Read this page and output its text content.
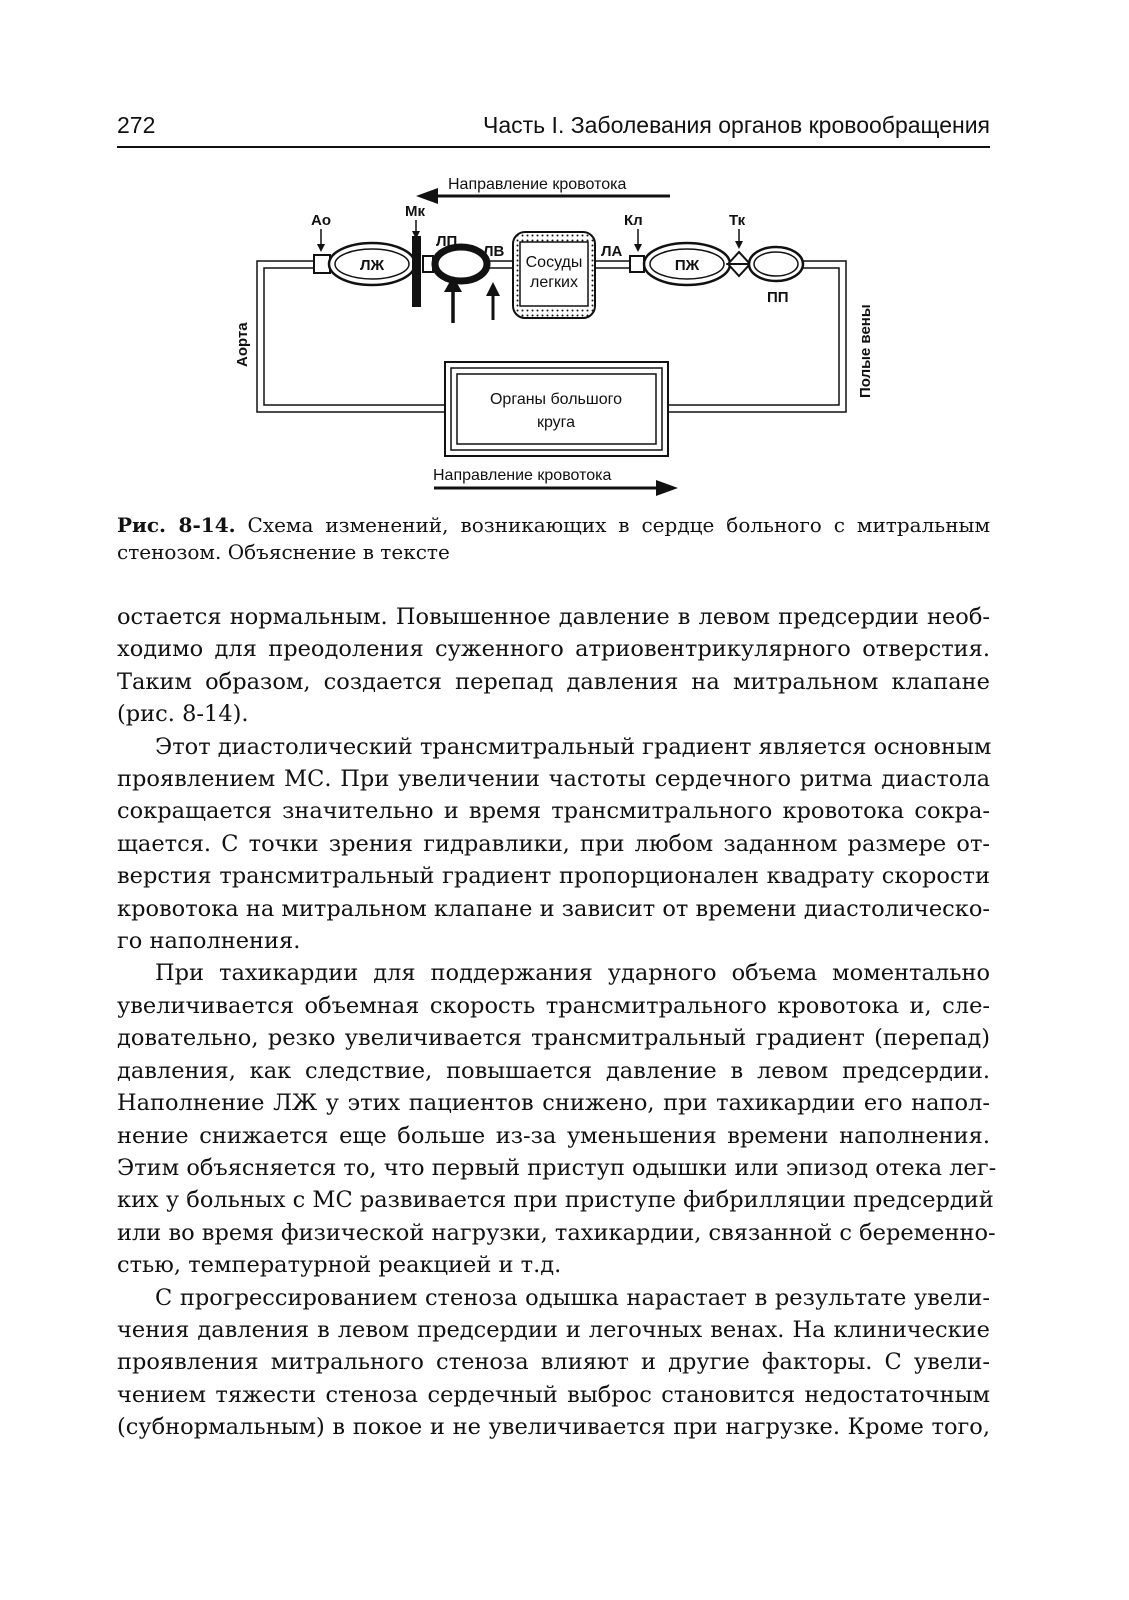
272	Часть I. Заболевания органов кровообращения
Направление кровотока
Ао
Мк
Кл	Тк
ЛЖ
ЛП
ЛВ
Сосуды
легких
ЛА
ПЖ
ПП
Аорта	Полые вены
Органы большого
круга
Направление кровотока
Рис. 8-14. Схема изменений, возникающих в сердце больного с митральным
стенозом. Объяснение в тексте
остается нормальным. Повышенное давление в левом предсердии необ-
ходимо для преодоления суженного атриовентрикулярного отверстия.
Таким образом, создается перепад давления на митральном клапане
(рис. 8-14).
Этот диастолический трансмитральный градиент является основным
проявлением МС. При увеличении частоты сердечного ритма диастола
сокращается значительно и время трансмитрального кровотока сокра-
щается. С точки зрения гидравлики, при любом заданном размере от-
верстия трансмитральный градиент пропорционален квадрату скорости
кровотока на митральном клапане и зависит от времени диастолическо-
го наполнения.
При тахикардии для поддержания ударного объема моментально
увеличивается объемная скорость трансмитрального кровотока и, сле-
довательно, резко увеличивается трансмитральный градиент (перепад)
давления, как следствие, повышается давление в левом предсердии.
Наполнение ЛЖ у этих пациентов снижено, при тахикардии его напол-
нение снижается еще больше из-за уменьшения времени наполнения.
Этим объясняется то, что первый приступ одышки или эпизод отека лег-
ких у больных с МС развивается при приступе фибрилляции предсердий
или во время физической нагрузки, тахикардии, связанной с беременно-
стью, температурной реакцией и т.д.
С прогрессированием стеноза одышка нарастает в результате увели-
чения давления в левом предсердии и легочных венах. На клинические
проявления митрального стеноза влияют и другие факторы. С увели-
чением тяжести стеноза сердечный выброс становится недостаточным
(субнормальным) в покое и не увеличивается при нагрузке. Кроме того,
